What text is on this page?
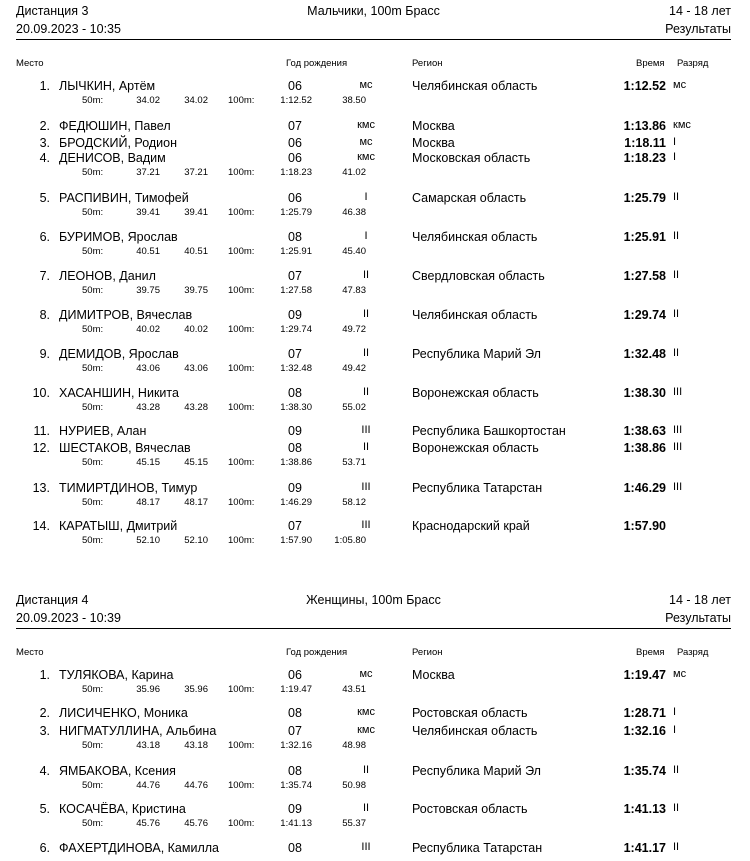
Дистанция 3
20.09.2023 - 10:35
Мальчики, 100m Брасс	14 - 18 лет
Результаты
Место	Год рождения	Регион	Время Разряд
1. ЛЫЧКИН, Артём	06	мс	Челябинская область	1:12.52 мс
50m:	34.02	34.02 100m:	1:12.52	38.50
2. ФЕДЮШИН, Павел	07	кмс	Москва	1:13.86 кмс
3. БРОДСКИЙ, Родион	06	мс	Москва	1:18.11 I
4. ДЕНИСОВ, Вадим	06	кмс	Московская область	1:18.23 I
50m:	37.21	37.21 100m:	1:18.23	41.02
5. РАСПИВИН, Тимофей	06	I	Самарская область	1:25.79 II
50m:	39.41	39.41 100m:	1:25.79	46.38
6. БУРИМОВ, Ярослав	08	I	Челябинская область	1:25.91 II
50m:	40.51	40.51 100m:	1:25.91	45.40
7. ЛЕОНОВ, Данил	07	II	Свердловская область	1:27.58 II
50m:	39.75	39.75 100m:	1:27.58	47.83
8. ДИМИТРОВ, Вячеслав	09	II	Челябинская область	1:29.74 II
50m:	40.02	40.02 100m:	1:29.74	49.72
9. ДЕМИДОВ, Ярослав	07	II	Республика Марий Эл	1:32.48 II
50m:	43.06	43.06 100m:	1:32.48	49.42
10. ХАСАНШИН, Никита	08	II	Воронежская область	1:38.30 III
50m:	43.28	43.28 100m:	1:38.30	55.02
11. НУРИЕВ, Алан	09	III	Республика Башкортостан	1:38.63 III
12. ШЕСТАКОВ, Вячеслав	08	II	Воронежская область	1:38.86 III
50m:	45.15	45.15 100m:	1:38.86	53.71
13. ТИМИРТДИНОВ, Тимур	09	III	Республика Татарстан	1:46.29 III
50m:	48.17	48.17 100m:	1:46.29	58.12
14. КАРАТЫШ, Дмитрий	07	III	Краснодарский край	1:57.90
50m:	52.10	52.10 100m:	1:57.90	1:05.80
Дистанция 4
20.09.2023 - 10:39
Женщины, 100m Брасс	14 - 18 лет
Результаты
Место	Год рождения	Регион	Время Разряд
1. ТУЛЯКОВА, Карина	06	мс	Москва	1:19.47 мс
50m:	35.96	35.96 100m:	1:19.47	43.51
2. ЛИСИЧЕНКО, Моника	08	кмс	Ростовская область	1:28.71 I
3. НИГМАТУЛЛИНА, Альбина	07	кмс	Челябинская область	1:32.16 I
50m:	43.18	43.18 100m:	1:32.16	48.98
4. ЯМБАКОВА, Ксения	08	II	Республика Марий Эл	1:35.74 II
50m:	44.76	44.76 100m:	1:35.74	50.98
5. КОСАЧЁВА, Кристина	09	II	Ростовская область	1:41.13 II
50m:	45.76	45.76 100m:	1:41.13	55.37
6. ФАХЕРТДИНОВА, Камилла	08	III	Республика Татарстан	1:41.17 II
